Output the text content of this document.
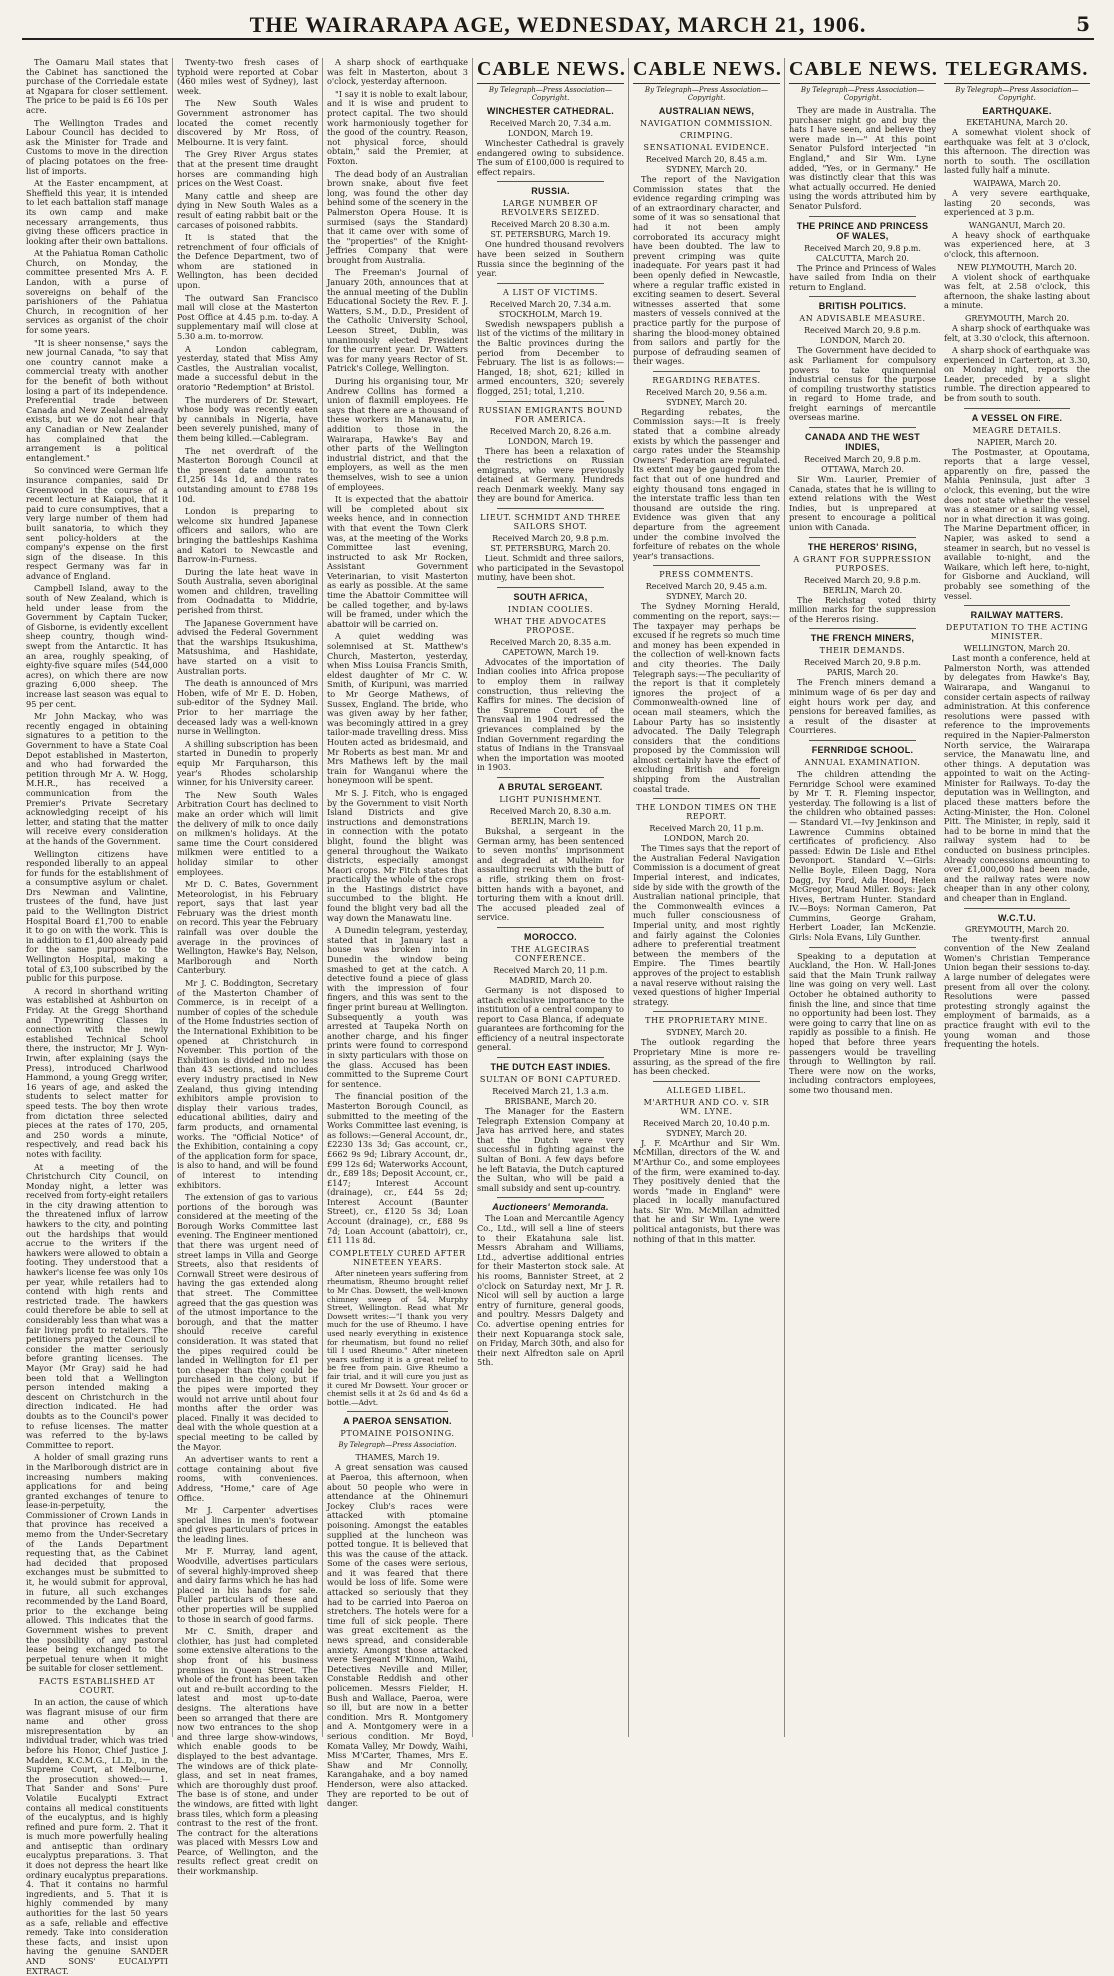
THE WAIRARAPA AGE, WEDNESDAY, MARCH 21, 1906.	5

The Oamaru Mail states that the Cabinet has sanctioned the purchase of the Corriedale estate at Ngapara for closer settlement. The price to be paid is £6 10s per acre.

The Wellington Trades and Labour Council has decided to ask the Minister for Trade and Customs to move in the direction of placing potatoes on the free-list of imports.

At the Easter encampment, at Sheffield this year, it is intended to let each battalion staff manage its own camp and make necessary arrangements, thus giving these officers practice in looking after their own battalions.

At the Pahiatua Roman Catholic Church, on Monday, the committee presented Mrs A. F. Landon, with a purse of sovereigns on behalf of the parishioners of the Pahiatua Church, in recognition of her services as organist of the choir for some years.

"It is sheer nonsense," says the new journal Canada, "to say that one country cannot make a commercial treaty with another for the benefit of both without losing a part of its independence. Preferential trade between Canada and New Zealand already exists, but we do not hear that any Canadian or New Zealander has complained that the arrangement is a political entanglement."

So convinced were German life insurance companies, said Dr Greenwood in the course of a recent lecture at Kaiapoi, that it paid to cure consumptives, that a very large number of them had built sanatoria, to which they sent policy-holders at the company's expense on the first sign of the disease. In this respect Germany was far in advance of England.

Campbell Island, away to the south of New Zealand, which is held under lease from the Government by Captain Tucker, of Gisborne, is evidently excellent sheep country, though wind-swept from the Antarctic. It has an area, roughly speaking, of eighty-five square miles (544,000 acres), on which there are now grazing 6,000 sheep. The increase last season was equal to 95 per cent.

Mr John Mackay, who was recently engaged in obtaining signatures to a petition to the Government to have a State Coal Depot established in Masterton, and who had forwarded the petition through Mr A. W. Hogg, M.H.R., has received a communication from the Premier's Private Secretary acknowledging receipt of his letter, and stating that the matter will receive every consideration at the hands of the Government.

Wellington citizens have responded liberally to an appeal for funds for the establishment of a consumptive asylum or chalet. Drs Newman and Valintine, trustees of the fund, have just paid to the Wellington District Hospital Board £1,700 to enable it to go on with the work. This is in addition to £1,400 already paid for the same purpose to the Wellington Hospital, making a total of £3,100 subscribed by the public for this purpose.

A record in shorthand writing was established at Ashburton on Friday. At the Gregg Shorthand and Typewriting Classes in connection with the newly established Technical School there, the instructor, Mr J. Wyn-Irwin, after explaining (says the Press), introduced Charlwood Hammond, a young Gregg writer, 16 years of age, and asked the students to select matter for speed tests. The boy then wrote from dictation three selected pieces at the rates of 170, 205, and 250 words a minute, respectively, and read back his notes with facility.

At a meeting of the Christchurch City Council, on Monday night, a letter was received from forty-eight retailers in the city drawing attention to the threatened influx of larrow hawkers to the city, and pointing out the hardships that would accrue to the writers if the hawkers were allowed to obtain a footing. They understood that a hawker's license fee was only 10s per year, while retailers had to contend with high rents and restricted trade. The hawkers could therefore be able to sell at considerably less than what was a fair living profit to retailers. The petitioners prayed the Council to consider the matter seriously before granting licenses. The Mayor (Mr Gray) said he had been told that a Wellington person intended making a descent on Christchurch in the direction indicated. He had doubts as to the Council's power to refuse licenses. The matter was referred to the by-laws Committee to report.

A holder of small grazing runs in the Marlborough district are in increasing numbers making applications for and being granted exchanges of tenure to lease-in-perpetuity, the Commissioner of Crown Lands in that province has received a memo from the Under-Secretary of the Lands Department requesting that, as the Cabinet had decided that proposed exchanges must be submitted to it, he would submit for approval, in future, all such exchanges recommended by the Land Board, prior to the exchange being allowed. This indicates that the Government wishes to prevent the possibility of any pastoral lease being exchanged to the perpetual tenure when it might be suitable for closer settlement.

FACTS ESTABLISHED AT COURT.

In an action, the cause of which was flagrant misuse of our firm name and other gross misrepresentation by an individual trader, which was tried before his Honor, Chief Justice J. Madden, K.C.M.G., LL.D., in the Supreme Court, at Melbourne, the prosecution showed:— 1. That Sander and Sons' Pure Volatile Eucalypti Extract contains all medical constituents of the eucalyptus, and is highly refined and pure form. 2. That it is much more powerfully healing and antiseptic than ordinary eucalyptus preparations. 3. That it does not depress the heart like ordinary eucalyptus preparations. 4. That it contains no harmful ingredients, and 5. That it is highly commended by many authorities for the last 50 years as a safe, reliable and effective remedy. Take into consideration these facts, and insist upon having the genuine SANDER AND SONS' EUCALYPTI EXTRACT.

Twenty-two fresh cases of typhoid were reported at Cobar (460 miles west of Sydney), last week.

The New South Wales Government astronomer has located the comet recently discovered by Mr Ross, of Melbourne. It is very faint.

The Grey River Argus states that at the present time draught horses are commanding high prices on the West Coast.

Many cattle and sheep are dying in New South Wales as a result of eating rabbit bait or the carcases of poisoned rabbits.

It is stated that the retrenchment of four officials of the Defence Department, two of whom are stationed in Wellington, has been decided upon.

The outward San Francisco mail will close at the Masterton Post Office at 4.45 p.m. to-day. A supplementary mail will close at 5.30 a.m. to-morrow.

A London cablegram, yesterday, stated that Miss Amy Castles, the Australian vocalist, made a successful debut in the oratorio "Redemption" at Bristol.

The murderers of Dr. Stewart, whose body was recently eaten by cannibals in Nigeria, have been severely punished, many of them being killed.—Cablegram.

The net overdraft of the Masterton Borough Council at the present date amounts to £1,256 14s 1d, and the rates outstanding amount to £788 19s 10d.

London is preparing to welcome six hundred Japanese officers and sailors, who are bringing the battleships Kashima and Katori to Newcastle and Barrow-in-Furness.

During the late heat wave in South Australia, seven aboriginal women and children, travelling from Oodnadatta to Middrie, perished from thirst.

The Japanese Government have advised the Federal Government that the warships Itsukushima, Matsushima, and Hashidate, have started on a visit to Australian ports.

The death is announced of Mrs Hoben, wife of Mr E. D. Hoben, sub-editor of the Sydney Mail. Prior to her marriage the deceased lady was a well-known nurse in Wellington.

A shilling subscription has been started in Dunedin to properly equip Mr Farquharson, this year's Rhodes scholarship winner, for his University career.

The New South Wales Arbitration Court has declined to make an order which will limit the delivery of milk to once daily on milkmen's holidays. At the same time the Court considered milkmen were entitled to a holiday similar to other employees.

Mr D. C. Bates, Government Meteorologist, in his February report, says that last year February was the driest month on record. This year the February rainfall was over double the average in the provinces of Wellington, Hawke's Bay, Nelson, Marlborough and North Canterbury.

Mr J. C. Boddington, Secretary of the Masterton Chamber of Commerce, is in receipt of a number of copies of the schedule of the Home Industries section of the International Exhibition to be opened at Christchurch in November. This portion of the Exhibition is divided into no less than 43 sections, and includes every industry practised in New Zealand, thus giving intending exhibitors ample provision to display their various trades, educational abilities, dairy and farm products, and ornamental works. The "Official Notice" of the Exhibition, containing a copy of the application form for space, is also to hand, and will be found of interest to intending exhibitors.

The extension of gas to various portions of the borough was considered at the meeting of the Borough Works Committee last evening. The Engineer mentioned that there was urgent need of street lamps in Villa and George Streets, also that residents of Cornwall Street were desirous of having the gas extended along that street. The Committee agreed that the gas question was of the utmost importance to the borough, and that the matter should receive careful consideration. It was stated that the pipes required could be landed in Wellington for £1 per ton cheaper than they could be purchased in the colony, but if the pipes were imported they would not arrive until about four months after the order was placed. Finally it was decided to deal with the whole question at a special meeting to be called by the Mayor.

An advertiser wants to rent a cottage containing about five rooms, with conveniences. Address, "Home," care of Age Office.

Mr J. Carpenter advertises special lines in men's footwear and gives particulars of prices in the leading lines.

Mr F. Murray, land agent, Woodville, advertises particulars of several highly-improved sheep and dairy farms which he has had placed in his hands for sale. Fuller particulars of these and other properties will be supplied to those in search of good farms.

Mr C. Smith, draper and clothier, has just had completed some extensive alterations to the shop front of his business premises in Queen Street. The whole of the front has been taken out and re-built according to the latest and most up-to-date designs. The alterations have been so arranged that there are now two entrances to the shop and three large show-windows, which enable goods to be displayed to the best advantage. The windows are of thick plate-glass, and set in neat frames, which are thoroughly dust proof. The base is of stone, and under the windows, are fitted with light brass tiles, which form a pleasing contrast to the rest of the front. The contract for the alterations was placed with Messrs Low and Pearce, of Wellington, and the results reflect great credit on their workmanship.

A sharp shock of earthquake was felt in Masterton, about 3 o'clock, yesterday afternoon.

"I say it is noble to exalt labour, and it is wise and prudent to protect capital. The two should work harmoniously together for the good of the country. Reason, not physical force, should obtain," said the Premier, at Foxton.

The dead body of an Australian brown snake, about five feet long, was found the other day behind some of the scenery in the Palmerston Opera House. It is surmised (says the Standard) that it came over with some of the "properties" of the Knight-Jeffries Company that were brought from Australia.

The Freeman's Journal of January 20th, announces that at the annual meeting of the Dublin Educational Society the Rev. F. J. Watters, S.M., D.D., President of the Catholic University School, Leeson Street, Dublin, was unanimously elected President for the current year. Dr. Watters was for many years Rector of St. Patrick's College, Wellington.

During his organising tour, Mr Andrew Collins has formed a union of flaxmill employees. He says that there are a thousand of these workers in Manawatu, in addition to those in the Wairarapa, Hawke's Bay and other parts of the Wellington industrial district, and that the employers, as well as the men themselves, wish to see a union of employees.

It is expected that the abattoir will be completed about six weeks hence, and in connection with that event the Town Clerk was, at the meeting of the Works Committee last evening, instructed to ask Mr Rocken, Assistant Government Veterinarian, to visit Masterton as early as possible. At the same time the Abattoir Committee will be called together, and by-laws will be framed, under which the abattoir will be carried on.

A quiet wedding was solemnised at St. Matthew's Church, Masterton, yesterday, when Miss Louisa Francis Smith, eldest daughter of Mr C. W. Smith, of Kuripuni, was married to Mr George Mathews, of Sussex, England. The bride, who was given away by her father, was becomingly attired in a grey tailor-made travelling dress. Miss Houten acted as bridesmaid, and Mr Roberts as best man. Mr and Mrs Mathews left by the mail train for Wanganui where the honeymoon will be spent.

Mr S. J. Fitch, who is engaged by the Government to visit North Island Districts and give instructions and demonstrations in connection with the potato blight, found the blight was general throughout the Waikato districts, especially amongst Maori crops. Mr Fitch states that practically the whole of the crops in the Hastings district have succumbed to the blight. He found the blight very bad all the way down the Manawatu line.

A Dunedin telegram, yesterday, stated that in January last a house was broken into in Dunedin the window being smashed to get at the catch. A detective found a piece of glass with the impression of four fingers, and this was sent to the finger print bureau at Wellington. Subsequently a youth was arrested at Taupeka North on another charge, and his finger prints were found to correspond in sixty particulars with those on the glass. Accused has been committed to the Supreme Court for sentence.

The financial position of the Masterton Borough Council, as submitted to the meeting of the Works Committee last evening, is as follows:—General Account, dr., £2230 13s 3d; Gas account, cr., £662 9s 9d; Library Account, dr., £99 12s 6d; Waterworks Account, dr., £89 18s; Deposit Account, cr., £147; Interest Account (drainage), cr., £44 5s 2d; Interest Account (Baunter Street), cr., £120 5s 3d; Loan Account (drainage), cr., £88 9s 7d; Loan Account (abattoir), cr., £11 11s 8d.

COMPLETELY CURED AFTER NINETEEN YEARS.

After nineteen years suffering from rheumatism, Rheumo brought relief to Mr Chas. Dowsett, the well-known chimney sweep of 54, Murphy Street, Wellington. Read what Mr Dowsett writes:—"I thank you very much for the use of Rheumo. I have used nearly everything in existence for rheumatism, but found no relief till I used Rheumo." After nineteen years suffering it is a great relief to be free from pain. Give Rheumo a fair trial, and it will cure you just as it cured Mr Dowsett. Your grocer or chemist sells it at 2s 6d and 4s 6d a bottle.—Advt.

A PAEROA SENSATION.
PTOMAINE POISONING.
By Telegraph—Press Association.
THAMES, March 19.

A great sensation was caused at Paeroa, this afternoon, when about 50 people who were in attendance at the Ohinemuri Jockey Club's races were attacked with ptomaine poisoning. Amongst the eatables supplied at the luncheon was potted tongue. It is believed that this was the cause of the attack. Some of the cases were serious, and it was feared that there would be loss of life. Some were attacked so seriously that they had to be carried into Paeroa on stretchers. The hotels were for a time full of sick people. There was great excitement as the news spread, and considerable anxiety. Amongst those attacked were Sergeant M'Kinnon, Waihi, Detectives Neville and Miller, Constable Reddish and other policemen. Messrs Fielder, H. Bush and Wallace, Paeroa, were so ill, but are now in a better condition. Mrs R. Montgomery and A. Montgomery were in a serious condition. Mr Boyd, Komata Valley, Mr Dowdy, Waihi, Miss M'Carter, Thames, Mrs E. Shaw and Mr Connolly, Karangahake, and a boy named Henderson, were also attacked. They are reported to be out of danger.

CABLE NEWS.
By Telegraph—Press Association—Copyright.
WINCHESTER CATHEDRAL.
Received March 20, 7.34 a.m.
LONDON, March 19.

Winchester Cathedral is gravely endangered owing to subsidence. The sum of £100,000 is required to effect repairs.

RUSSIA.
LARGE NUMBER OF REVOLVERS SEIZED.
Received March 20 8.30 a.m.
ST. PETERSBURG, March 19.

One hundred thousand revolvers have been seized in Southern Russia since the beginning of the year.

A LIST OF VICTIMS.
Received March 20, 7.34 a.m.
STOCKHOLM, March 19.

Swedish newspapers publish a list of the victims of the military in the Baltic provinces during the period from December to February. The list is as follows:—Hanged, 18; shot, 621; killed in armed encounters, 320; severely flogged, 251; total, 1,210.

RUSSIAN EMIGRANTS BOUND FOR AMERICA.
Received March 20, 8.26 a.m.
LONDON, March 19.

There has been a relaxation of the restrictions on Russian emigrants, who were previously detained at Germany. Hundreds reach Denmark weekly. Many say they are bound for America.

LIEUT. SCHMIDT AND THREE SAILORS SHOT.
Received March 20, 9.8 p.m.
ST. PETERSBURG, March 20.

Lieut. Schmidt and three sailors, who participated in the Sevastopol mutiny, have been shot.

SOUTH AFRICA,
INDIAN COOLIES.
WHAT THE ADVOCATES PROPOSE.
Received March 20, 8.35 a.m.
CAPETOWN, March 19.

Advocates of the importation of Indian coolies into Africa propose to employ them in railway construction, thus relieving the Kaffirs for mines. The decision of the Supreme Court of the Transvaal in 1904 redressed the grievances complained by the Indian Government regarding the status of Indians in the Transvaal when the importation was mooted in 1903.

A BRUTAL SERGEANT.
LIGHT PUNISHMENT.
Received March 20, 8.30 a.m.
BERLIN, March 19.

Bukshal, a sergeant in the German army, has been sentenced to seven months' imprisonment and degraded at Mulheim for assaulting recruits with the butt of a rifle, striking them on frost-bitten hands with a bayonet, and torturing them with a knout drill. The accused pleaded zeal of service.

MOROCCO.
THE ALGECIRAS CONFERENCE.
Received March 20, 11 p.m.
MADRID, March 20.

Germany is not disposed to attach exclusive importance to the institution of a central company to report to Casa Blanca, if adequate guarantees are forthcoming for the efficiency of a neutral inspectorate general.

THE DUTCH EAST INDIES.
SULTAN OF BONI CAPTURED.
Received March 21, 1.3 a.m.
BRISBANE, March 20.

The Manager for the Eastern Telegraph Extension Company at Java has arrived here, and states that the Dutch were very successful in fighting against the Sultan of Boni. A few days before he left Batavia, the Dutch captured the Sultan, who will be paid a small subsidy and sent up-country.

Auctioneers' Memoranda.

The Loan and Mercantile Agency Co., Ltd., will sell a line of steers to their Ekatahuna sale list. Messrs Abraham and Williams, Ltd., advertise additional entries for their Masterton stock sale. At his rooms, Bannister Street, at 2 o'clock on Saturday next, Mr J. R. Nicol will sell by auction a large entry of furniture, general goods, and poultry. Messrs Dalgety and Co. advertise opening entries for their next Kopuaranga stock sale, on Friday, March 30th, and also for their next Alfredton sale on April 5th.

CABLE NEWS.
By Telegraph—Press Association—Copyright.
AUSTRALIAN NEWS,
NAVIGATION COMMISSION.
CRIMPING.
SENSATIONAL EVIDENCE.
Received March 20, 8.45 a.m.
SYDNEY, March 20.

The report of the Navigation Commission states that the evidence regarding crimping was of an extraordinary character, and some of it was so sensational that had it not been amply corroborated its accuracy might have been doubted. The law to prevent crimping was quite inadequate. For years past it had been openly defied in Newcastle, where a regular traffic existed in exciting seamen to desert. Several witnesses asserted that some masters of vessels connived at the practice partly for the purpose of sharing the blood-money obtained from sailors and partly for the purpose of defrauding seamen of their wages.

REGARDING REBATES.
Received March 20, 9.56 a.m.
SYDNEY, March 20.

Regarding rebates, the Commission says:—It is freely stated that a combine already exists by which the passenger and cargo rates under the Steamship Owners' Federation are regulated. Its extent may be gauged from the fact that out of one hundred and eighty thousand tons engaged in the interstate traffic less than ten thousand are outside the ring. Evidence was given that any departure from the agreement under the combine involved the forfeiture of rebates on the whole year's transactions.

PRESS COMMENTS.
Received March 20, 9.45 a.m.
SYDNEY, March 20.

The Sydney Morning Herald, commenting on the report, says:—The taxpayer may perhaps be excused if he regrets so much time and money has been expended in the collection of well-known facts and city theories. The Daily Telegraph says:—The peculiarity of the report is that it completely ignores the project of a Commonwealth-owned line of ocean mail steamers, which the Labour Party has so insistently advocated. The Daily Telegraph considers that the conditions proposed by the Commission will almost certainly have the effect of excluding British and foreign shipping from the Australian coastal trade.

THE LONDON TIMES ON THE REPORT.
Received March 20, 11 p.m.
LONDON, March 20.

The Times says that the report of the Australian Federal Navigation Commission is a document of great Imperial interest, and indicates, side by side with the growth of the Australian national principle, that the Commonwealth evinces a much fuller consciousness of Imperial unity, and most rightly and fairly against the Colonies adhere to preferential treatment between the members of the Empire. The Times beartily approves of the project to establish a naval reserve without raising the vexed questions of higher Imperial strategy.

THE PROPRIETARY MINE.
SYDNEY, March 20.

The outlook regarding the Proprietary Mine is more re-assuring, as the spread of the fire has been checked.

ALLEGED LIBEL.
M'ARTHUR AND CO. v. SIR WM. LYNE.
Received March 20, 10.40 p.m.
SYDNEY, March 20.

J. F. McArthur and Sir Wm. McMillan, directors of the W. and M'Arthur Co., and some employees of the firm, were examined to-day. They positively denied that the words "made in England" were placed in locally manufactured hats. Sir Wm. McMillan admitted that he and Sir Wm. Lyne were political antagonists, but there was nothing of that in this matter.

CABLE NEWS.
By Telegraph—Press Association—Copyright.

They are made in Australia. The purchaser might go and buy the hats I have seen, and believe they were made in—" At this point Senator Pulsford interjected "in England," and Sir Wm. Lyne added, "Yes, or in Germany." He was distinctly clear that this was what actually occurred. He denied using the words attributed him by Senator Pulsford.

THE PRINCE AND PRINCESS OF WALES,
Received March 20, 9.8 p.m.
CALCUTTA, March 20.

The Prince and Princess of Wales have sailed from India on their return to England.

BRITISH POLITICS.
AN ADVISABLE MEASURE.
Received March 20, 9.8 p.m.
LONDON, March 20.

The Government have decided to ask Parliament for compulsory powers to take quinquennial industrial census for the purpose of compiling trustworthy statistics in regard to Home trade, and freight earnings of mercantile overseas marine.

CANADA AND THE WEST INDIES,
Received March 20, 9.8 p.m.
OTTAWA, March 20.

Sir Wm. Laurier, Premier of Canada, states that he is willing to extend relations with the West Indies, but is unprepared at present to encourage a political union with Canada.

THE HEREROS' RISING,
A GRANT FOR SUPPRESSION PURPOSES.
Received March 20, 9.8 p.m.
BERLIN, March 20.

The Reichstag voted thirty million marks for the suppression of the Hereros rising.

THE FRENCH MINERS,
THEIR DEMANDS.
Received March 20, 9.8 p.m.
PARIS, March 20.

The French miners demand a minimum wage of 6s per day and eight hours work per day, and pensions for bereaved families, as a result of the disaster at Courrieres.

FERNRIDGE SCHOOL.
ANNUAL EXAMINATION.

The children attending the Fernridge School were examined by Mr T. R. Fleming inspector, yesterday. The following is a list of the children who obtained passes:— Standard VI.—Ivy Jenkinson and Lawrence Cummins obtained certificates of proficiency. Also passed: Edwin De Lisle and Ethel Devonport. Standard V.—Girls: Nellie Boyle, Eileen Dagg, Nora Dagg, Ivy Ford, Ada Hood, Helen McGregor, Maud Miller. Boys: Jack Hives, Bertram Hunter. Standard IV.—Boys: Norman Cameron, Pat Cummins, George Graham, Herbert Loader, Ian McKenzie. Girls: Nola Evans, Lily Gunther.

Speaking to a deputation at Auckland, the Hon. W. Hall-Jones said that the Main Trunk railway line was going on very well. Last October he obtained authority to finish the line, and since that time no opportunity had been lost. They were going to carry that line on as rapidly as possible to a finish. He hoped that before three years passengers would be travelling through to Wellington by rail. There were now on the works, including contractors employees, some two thousand men.

TELEGRAMS.
By Telegraph—Press Association—Copyright.
EARTHQUAKE.
EKETAHUNA, March 20.

A somewhat violent shock of earthquake was felt at 3 o'clock, this afternoon. The direction was north to south. The oscillation lasted fully half a minute.

WAIPAWA, March 20.

A very severe earthquake, lasting 20 seconds, was experienced at 3 p.m.

WANGANUI, March 20.

A heavy shock of earthquake was experienced here, at 3 o'clock, this afternoon.

NEW PLYMOUTH, March 20.

A violent shock of earthquake was felt, at 2.58 o'clock, this afternoon, the shake lasting about a minute.

GREYMOUTH, March 20.

A sharp shock of earthquake was felt, at 3.30 o'clock, this afternoon.

A sharp shock of earthquake was experienced in Carterton, at 3.30, on Monday night, reports the Leader, preceded by a slight rumble. The direction appeared to be from south to south.

A VESSEL ON FIRE.
MEAGRE DETAILS.
NAPIER, March 20.

The Postmaster, at Opoutama, reports that a large vessel, apparently on fire, passed the Mahia Peninsula, just after 3 o'clock, this evening, but the wire does not state whether the vessel was a steamer or a sailing vessel, nor in what direction it was going. The Marine Department officer, in Napier, was asked to send a steamer in search, but no vessel is available to-night, and the Waikare, which left here, to-night, for Gisborne and Auckland, will probably see something of the vessel.

RAILWAY MATTERS.
DEPUTATION TO THE ACTING MINISTER.
WELLINGTON, March 20.

Last month a conference, held at Palmerston North, was attended by delegates from Hawke's Bay, Wairarapa, and Wanganui to consider certain aspects of railway administration. At this conference resolutions were passed with reference to the improvements required in the Napier-Palmerston North service, the Wairarapa service, the Manawatu line, and other things. A deputation was appointed to wait on the Acting-Minister for Railways. To-day the deputation was in Wellington, and placed these matters before the Acting-Minister, the Hon. Colonel Pitt. The Minister, in reply, said it had to be borne in mind that the railway system had to be conducted on business principles. Already concessions amounting to over £1,000,000 had been made, and the railway rates were now cheaper than in any other colony, and cheaper than in England.

W.C.T.U.
GREYMOUTH, March 20.

The twenty-first annual convention of the New Zealand Women's Christian Temperance Union began their sessions to-day. A large number of delegates were present from all over the colony. Resolutions were passed protesting strongly against the employment of barmaids, as a practice fraught with evil to the young woman and those frequenting the hotels.
